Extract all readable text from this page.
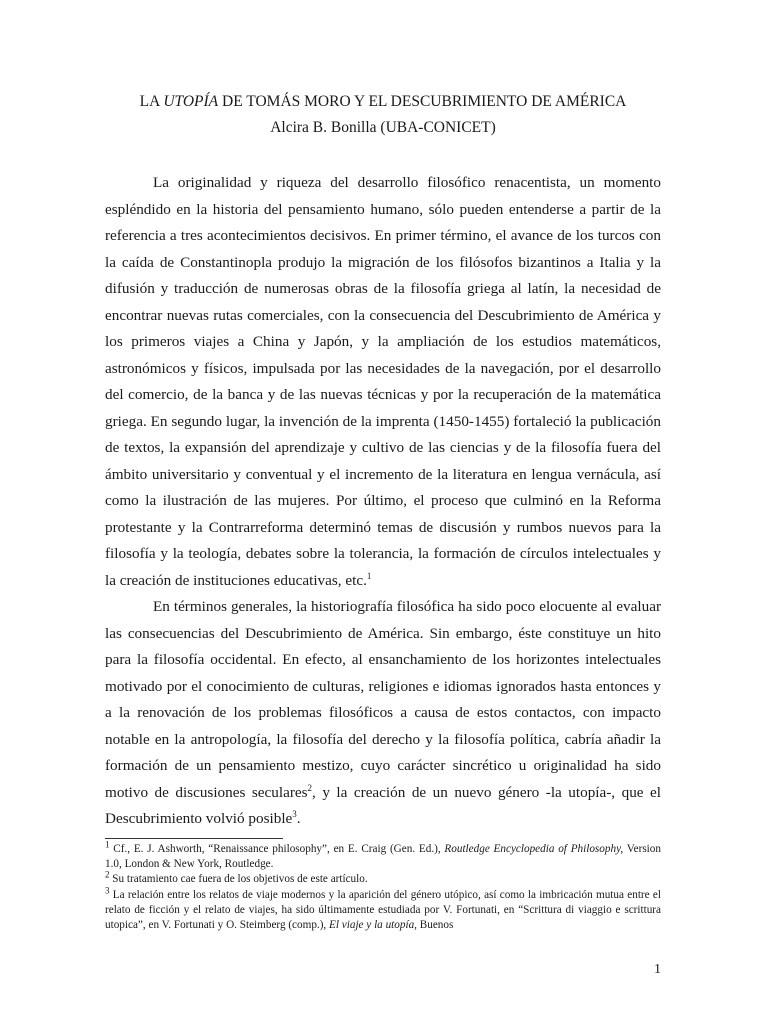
LA UTOPÍA DE TOMÁS MORO Y EL DESCUBRIMIENTO DE AMÉRICA
Alcira B. Bonilla (UBA-CONICET)

La originalidad y riqueza del desarrollo filosófico renacentista, un momento espléndido en la historia del pensamiento humano, sólo pueden entenderse a partir de la referencia a tres acontecimientos decisivos. En primer término, el avance de los turcos con la caída de Constantinopla produjo la migración de los filósofos bizantinos a Italia y la difusión y traducción de numerosas obras de la filosofía griega al latín, la necesidad de encontrar nuevas rutas comerciales, con la consecuencia del Descubrimiento de América y los primeros viajes a China y Japón, y la ampliación de los estudios matemáticos, astronómicos y físicos, impulsada por las necesidades de la navegación, por el desarrollo del comercio, de la banca y de las nuevas técnicas y por la recuperación de la matemática griega. En segundo lugar, la invención de la imprenta (1450-1455) fortaleció la publicación de textos, la expansión del aprendizaje y cultivo de las ciencias y de la filosofía fuera del ámbito universitario y conventual y el incremento de la literatura en lengua vernácula, así como la ilustración de las mujeres. Por último, el proceso que culminó en la Reforma protestante y la Contrarreforma determinó temas de discusión y rumbos nuevos para la filosofía y la teología, debates sobre la tolerancia, la formación de círculos intelectuales y la creación de instituciones educativas, etc.$^1$

En términos generales, la historiografía filosófica ha sido poco elocuente al evaluar las consecuencias del Descubrimiento de América. Sin embargo, éste constituye un hito para la filosofía occidental. En efecto, al ensanchamiento de los horizontes intelectuales motivado por el conocimiento de culturas, religiones e idiomas ignorados hasta entonces y a la renovación de los problemas filosóficos a causa de estos contactos, con impacto notable en la antropología, la filosofía del derecho y la filosofía política, cabría añadir la formación de un pensamiento mestizo, cuyo carácter sincrético u originalidad ha sido motivo de discusiones seculares$^2$, y la creación de un nuevo género -la utopía-, que el Descubrimiento volvió posible$^3$.

$^1$ Cf., E. J. Ashworth, “Renaissance philosophy”, en E. Craig (Gen. Ed.), Routledge Encyclopedia of Philosophy, Version 1.0, London & New York, Routledge.

$^2$ Su tratamiento cae fuera de los objetivos de este artículo.

$^3$ La relación entre los relatos de viaje modernos y la aparición del género utópico, así como la imbricación mutua entre el relato de ficción y el relato de viajes, ha sido últimamente estudiada por V. Fortunati, en “Scrittura di viaggio e scrittura utopica”, en V. Fortunati y O. Steimberg (comp.), El viaje y la utopía, Buenos

1
